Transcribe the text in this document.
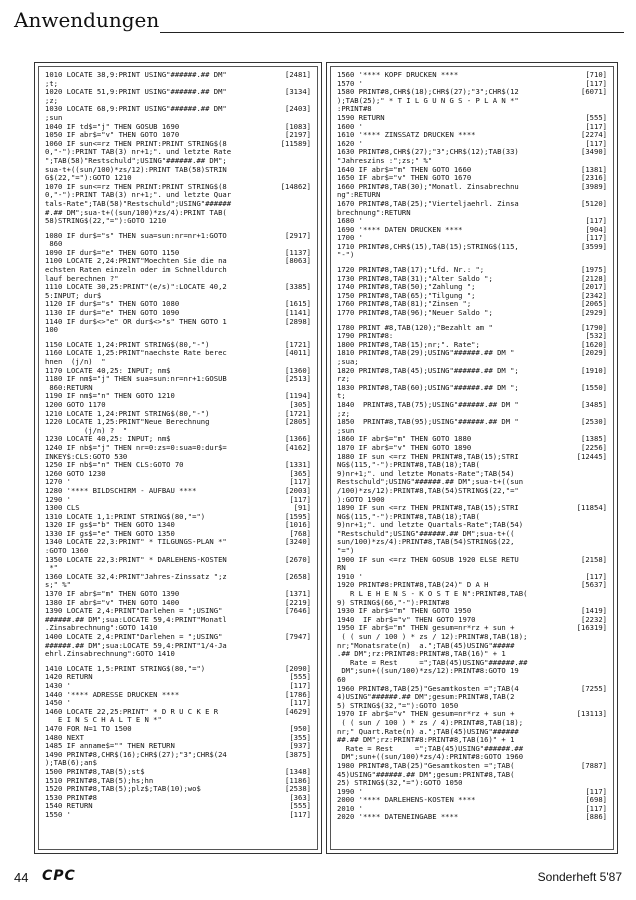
Anwendungen
1010 LOCATE 38,9:PRINT USING"######.## DM"	[2481]
;t;
1020 LOCATE 51,9:PRINT USING"######.## DM"	[3134]
;z;
1030 LOCATE 68,9:PRINT USING"######.## DM"	[2403]
;sun
1040 IF td$="j" THEN GOSUB 1690	[1083]
1050 IF abr$="v" THEN GOTO 1070	[2197]
1060 IF sun<=rz THEN PRINT:PRINT STRING$(8	[11589]
0,"-"):PRINT TAB(3) nr+1;". und letzte Rate
";TAB(58)"Restschuld";USING"######.## DM";
sua-t+((sun/100)*zs/12):PRINT TAB(58)STRIN
G$(22,"="):GOTO 1210
1070 IF sun<=rz THEN PRINT:PRINT STRING$(8	[14862]
0,"-"):PRINT TAB(3) nr+1;". und letzte Quar
tals-Rate";TAB(58)"Restschuld";USING"######
#.## DM";sua-t+((sun/100)*zs/4):PRINT TAB(
58)STRING$(22,"="):GOTO 1210
1080 IF dur$="s" THEN sua=sun:nr=nr+1:GOTO	[2917]
860
1090 IF dur$="e" THEN GOTO 1150	[1137]
1100 LOCATE 2,24:PRINT"Moechten Sie die na	[8063]
echsten Raten einzeln oder im Schnelldurch
lauf berechnen ?"
1110 LOCATE 30,25:PRINT"(e/s)":LOCATE 40,2	[3385]
5:INPUT; dur$
1120 IF dur$="s" THEN GOTO 1080	[1615]
1130 IF dur$="e" THEN GOTO 1090	[1141]
1140 IF dur$<>"e" OR dur$<>"s" THEN GOTO 1	[2898]
100
1150 LOCATE 1,24:PRINT STRING$(80,"-")	[1721]
1160 LOCATE 1,25:PRINT"naechste Rate berec	[4011]
hnen  (j/n)  "
1170 LOCATE 40,25: INPUT; nm$	[1360]
1180 IF nm$="j" THEN sua=sun:nr=nr+1:GOSUB	[2513]
860:RETURN
1190 IF nm$="n" THEN GOTO 1210	[1194]
1200 GOTO 1170	[305]
1210 LOCATE 1,24:PRINT STRING$(80,"-")	[1721]
1220 LOCATE 1,25:PRINT"Neue Berechnung	[2805]
(j/n) ?  "
1230 LOCATE 40,25: INPUT; nm$	[1366]
1240 IF nb$="j" THEN nr=0:zs=0:sua=0:dur$=	[4162]
INKEY$:CLS:GOTO 530
1250 IF nb$="n" THEN CLS:GOTO 70	[1331]
1260 GOTO 1230	[365]
1270 '	[117]
1280 '**** BILDSCHIRM - AUFBAU ****	[2003]
1290 '	[117]
1300 CLS	[91]
1310 LOCATE 1,1:PRINT STRING$(80,"=")	[1595]
1320 IF gs$="b" THEN GOTO 1340	[1016]
1330 IF gs$="e" THEN GOTO 1350	[768]
1340 LOCATE 22,3:PRINT" * TILGUNGS-PLAN *"	[3240]
:GOTO 1360
1350 LOCATE 22,3:PRINT" * DARLEHENS-KOSTEN	[2670]
*"
1360 LOCATE 32,4:PRINT"Jahres-Zinssatz ";z	[2658]
s;" %"
1370 IF abr$="m" THEN GOTO 1390	[1371]
1380 IF abr$="v" THEN GOTO 1400	[2219]
1390 LOCATE 2,4:PRINT"Darlehen = ";USING"	[7646]
######.## DM";sua:LOCATE 59,4:PRINT"Monatl
.Zinsabrechnung":GOTO 1410
1400 LOCATE 2,4:PRINT"Darlehen = ";USING"	[7947]
######.## DM";sua:LOCATE 59,4:PRINT"1/4-Ja
ehrl.Zinsabrechnung":GOTO 1410
1410 LOCATE 1,5:PRINT STRING$(80,"=")	[2090]
1420 RETURN	[555]
1430 '	[117]
1440 '**** ADRESSE DRUCKEN ****	[1786]
1450 '	[117]
1460 LOCATE 22,25:PRINT" * D R U C K E R	[4629]
E I N S C H A L T E N *"
1470 FOR N=1 TO 1500	[950]
1480 NEXT	[355]
1485 IF anname$="" THEN RETURN	[937]
1490 PRINT#8,CHR$(16);CHR$(27);"3";CHR$(24	[3875]
);TAB(6);an$
1500 PRINT#8,TAB(5);st$	[1348]
1510 PRINT#8,TAB(5);hs;hn	[1186]
1520 PRINT#8,TAB(5);plz$;TAB(10);wo$	[2538]
1530 PRINT#8	[363]
1540 RETURN	[555]
1550 '	[117]
1560 '**** KOPF DRUCKEN ****	[710]
1570 '	[117]
1580 PRINT#8,CHR$(18);CHR$(27);"3";CHR$(12	[6071]
);TAB(25);" * T I L G U N G S - P L A N *"
:PRINT#8
1590 RETURN	[555]
1600 '	[117]
1610 '**** ZINSSATZ DRUCKEN ****	[2274]
1620 '	[117]
1630 PRINT#8,CHR$(27);"3";CHR$(12);TAB(33)	[3490]
"Jahreszins :";zs;" %"
1640 IF abr$="m" THEN GOTO 1660	[1381]
1650 IF abr$="v" THEN GOTO 1670	[2316]
1660 PRINT#8,TAB(30);"Monatl. Zinsabrechnu	[3989]
ng":RETURN
1670 PRINT#8,TAB(25);"Vierteljaehrl. Zinsa	[5120]
brechnung":RETURN
1680 '	[117]
1690 '**** DATEN DRUCKEN ****	[904]
1700 '	[117]
1710 PRINT#8,CHR$(15),TAB(15);STRING$(115,	[3599]
"-")
1720 PRINT#8,TAB(17);"Lfd. Nr.: ";	[1975]
1730 PRINT#8,TAB(31);"Alter Saldo ";	[2128]
1740 PRINT#8,TAB(50);"Zahlung ";	[2017]
1750 PRINT#8,TAB(65);"Tilgung ";	[2342]
1760 PRINT#8,TAB(81);"Zinsen ";	[2065]
1770 PRINT#8,TAB(96);"Neuer Saldo ";	[2929]
1780 PRINT #8,TAB(120);"Bezahlt am "	[1790]
1790 PRINT#8:	[532]
1800 PRINT#8,TAB(15);nr;". Rate";	[1620]
1810 PRINT#8,TAB(29);USING"######.## DM "	[2029]
;sua;
1820 PRINT#8,TAB(45);USING"######.## DM ";	[1910]
rz;
1830 PRINT#8,TAB(60);USING"######.## DM ";	[1550]
t;
1840  PRINT#8,TAB(75);USING"######.## DM "	[3485]
;z;
1850  PRINT#8,TAB(95);USING"######.## DM "	[2530]
;sun
1860 IF abr$="m" THEN GOTO 1880	[1385]
1870 IF abr$="v" THEN GOTO 1890	[2256]
1880 IF sun <=rz THEN PRINT#8,TAB(15);STRI	[12445]
NG$(115,"-"):PRINT#8,TAB(18);TAB(
9)nr+1;". und letzte Monats-Rate";TAB(54)
Restschuld";USING"######.## DM";sua-t+((sun
/100)*zs/12):PRINT#8,TAB(54)STRING$(22,"="
):GOTO 1900
1890 IF sun <=rz THEN PRINT#8,TAB(15);STRI	[11854]
NG$(115,"-"):PRINT#8,TAB(18);TAB(
9)nr+1;". und letzte Quartals-Rate";TAB(54)
"Restschuld";USING"######.## DM";sua-t+((
sun/100)*zs/4):PRINT#8,TAB(54)STRING$(22,
"=")
1900 IF sun <=rz THEN GOSUB 1920 ELSE RETU	[2158]
RN
1910 '	[117]
1920 PRINT#8:PRINT#8,TAB(24)" D A H	[5637]
R L E H E N S - K O S T E N":PRINT#8,TAB(
9) STRING$(66,"-"):PRINT#8
1930 IF abr$="m" THEN GOTO 1950	[1419]
1940  IF abr$="v" THEN GOTO 1970	[2232]
1950 IF abr$="m" THEN gesum=nr*rz + sun +	[16319]
( ( sun / 100 ) * zs / 12):PRINT#8,TAB(18);
nr;"Monatsrate(n)  a.";TAB(45)USING"#####
.## DM";rz:PRINT#8:PRINT#8,TAB(16)" + 1
Rate = Rest     =";TAB(45)USING"######.##
DM";sun+((sun/100)*zs/12):PRINT#8:GOTO 19
60
1960 PRINT#8,TAB(25)"Gesamtkosten =";TAB(4	[7255]
4)USING"######.## DM";gesum:PRINT#8,TAB(2
5) STRING$(32,"="):GOTO 1050
1970 IF abr$="v" THEN gesum=nr*rz + sun +	[13113]
( ( sun / 100 ) * zs / 4):PRINT#8,TAB(18);
nr;" Quart.Rate(n) a.";TAB(45)USING"######
##.## DM";rz:PRINT#8:PRINT#8,TAB(16)" + 1
Rate = Rest     =";TAB(45)USING"######.##
DM";sun+((sun/100)*zs/4):PRINT#8:GOTO 1960
1980 PRINT#8,TAB(25)"Gesamtkosten =";TAB(	[7887]
45)USING"######.## DM";gesum:PRINT#8,TAB(
25) STRING$(32,"="):GOTO 1050
1990 '	[117]
2000 '**** DARLEHENS-KOSTEN ****	[698]
2010 '	[117]
2020 '**** DATENEINGABE ****	[886]
44 CPC	Sonderheft 5'87
